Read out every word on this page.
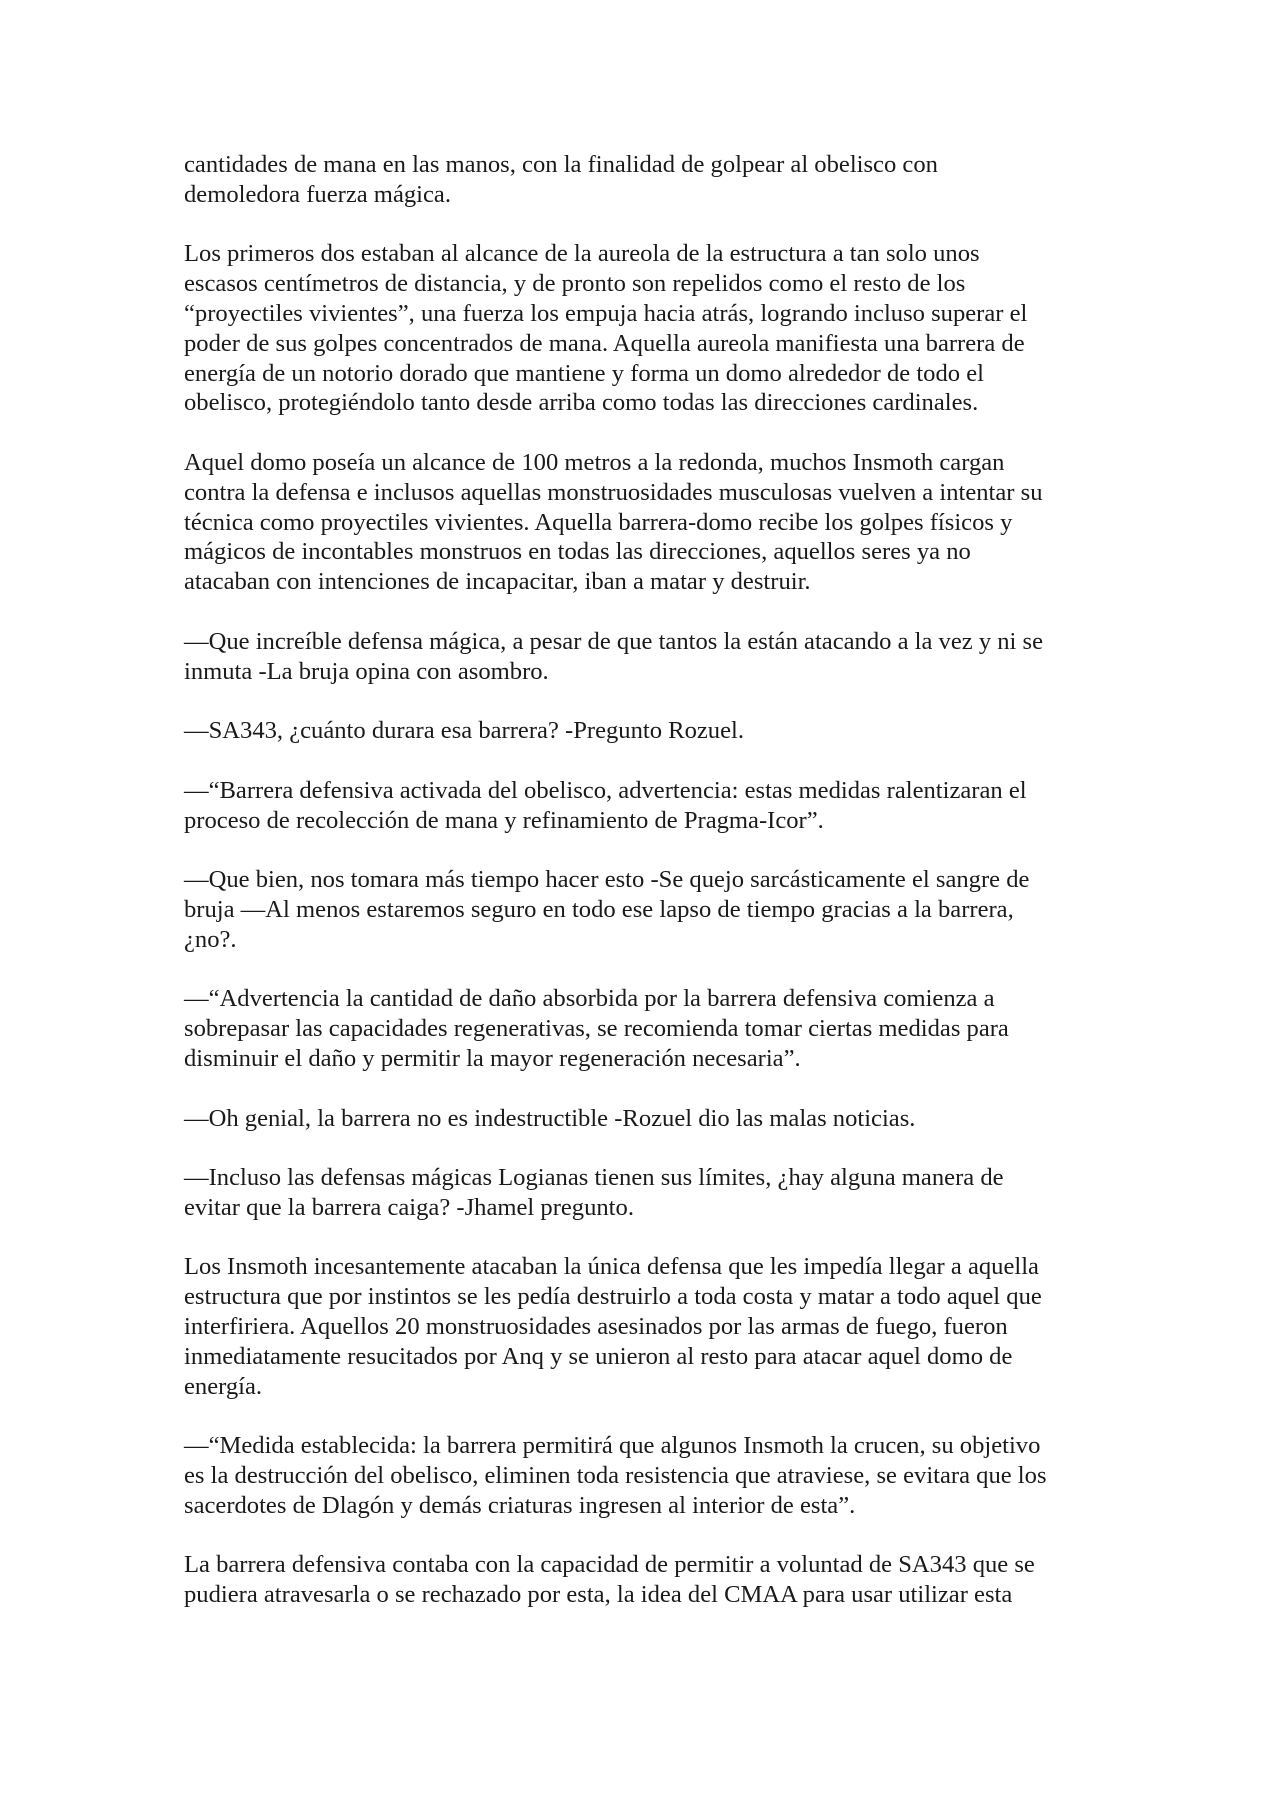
cantidades de mana en las manos, con la finalidad de golpear al obelisco con
demoledora fuerza mágica.

Los primeros dos estaban al alcance de la aureola de la estructura a tan solo unos
escasos centímetros de distancia, y de pronto son repelidos como el resto de los
“proyectiles vivientes”, una fuerza los empuja hacia atrás, logrando incluso superar el
poder de sus golpes concentrados de mana. Aquella aureola manifiesta una barrera de
energía de un notorio dorado que mantiene y forma un domo alrededor de todo el
obelisco, protegiéndolo tanto desde arriba como todas las direcciones cardinales.

Aquel domo poseía un alcance de 100 metros a la redonda, muchos Insmoth cargan
contra la defensa e inclusos aquellas monstruosidades musculosas vuelven a intentar su
técnica como proyectiles vivientes. Aquella barrera-domo recibe los golpes físicos y
mágicos de incontables monstruos en todas las direcciones, aquellos seres ya no
atacaban con intenciones de incapacitar, iban a matar y destruir.

—Que increíble defensa mágica, a pesar de que tantos la están atacando a la vez y ni se
inmuta -La bruja opina con asombro.

—SA343, ¿cuánto durara esa barrera? -Pregunto Rozuel.

—“Barrera defensiva activada del obelisco, advertencia: estas medidas ralentizaran el
proceso de recolección de mana y refinamiento de Pragma-Icor”.

—Que bien, nos tomara más tiempo hacer esto -Se quejo sarcásticamente el sangre de
bruja —Al menos estaremos seguro en todo ese lapso de tiempo gracias a la barrera,
¿no?.

—“Advertencia la cantidad de daño absorbida por la barrera defensiva comienza a
sobrepasar las capacidades regenerativas, se recomienda tomar ciertas medidas para
disminuir el daño y permitir la mayor regeneración necesaria”.

—Oh genial, la barrera no es indestructible -Rozuel dio las malas noticias.

—Incluso las defensas mágicas Logianas tienen sus límites, ¿hay alguna manera de
evitar que la barrera caiga? -Jhamel pregunto.

Los Insmoth incesantemente atacaban la única defensa que les impedía llegar a aquella
estructura que por instintos se les pedía destruirlo a toda costa y matar a todo aquel que
interfiriera. Aquellos 20 monstruosidades asesinados por las armas de fuego, fueron
inmediatamente resucitados por Anq y se unieron al resto para atacar aquel domo de
energía.

—“Medida establecida: la barrera permitirá que algunos Insmoth la crucen, su objetivo
es la destrucción del obelisco, eliminen toda resistencia que atraviese, se evitara que los
sacerdotes de Dlagón y demás criaturas ingresen al interior de esta”.

La barrera defensiva contaba con la capacidad de permitir a voluntad de SA343 que se
pudiera atravesarla o se rechazado por esta, la idea del CMAA para usar utilizar esta
